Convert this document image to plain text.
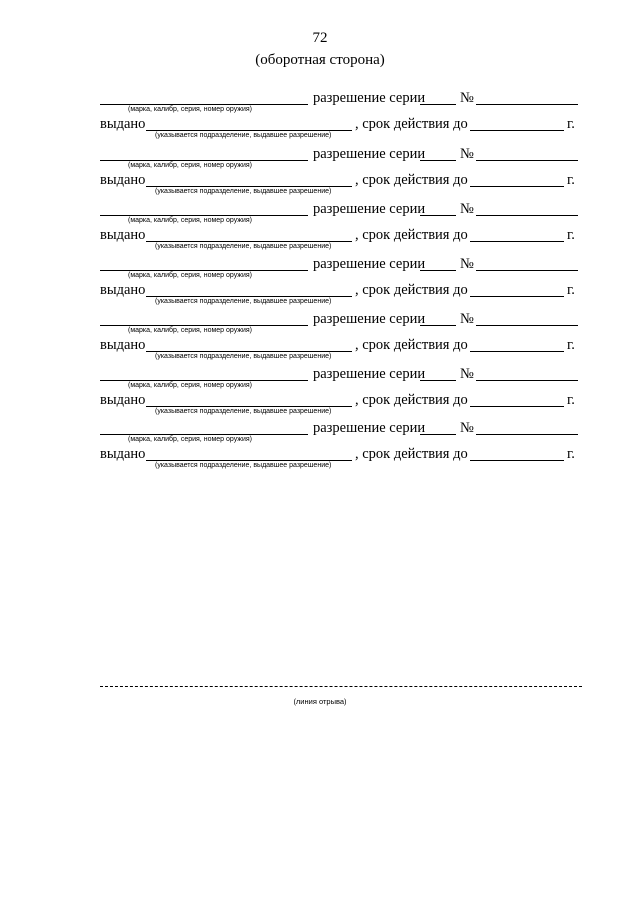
72
(оборотная сторона)
разрешение серии №
(марка, калибр, серия, номер оружия)
выдано	, срок действия до	г.
(указывается подразделение, выдавшее разрешение)
разрешение серии №
(марка, калибр, серия, номер оружия)
выдано	, срок действия до	г.
(указывается подразделение, выдавшее разрешение)
разрешение серии №
(марка, калибр, серия, номер оружия)
выдано	, срок действия до	г.
(указывается подразделение, выдавшее разрешение)
разрешение серии №
(марка, калибр, серия, номер оружия)
выдано	, срок действия до	г.
(указывается подразделение, выдавшее разрешение)
разрешение серии №
(марка, калибр, серия, номер оружия)
выдано	, срок действия до	г.
(указывается подразделение, выдавшее разрешение)
разрешение серии №
(марка, калибр, серия, номер оружия)
выдано	, срок действия до	г.
(указывается подразделение, выдавшее разрешение)
разрешение серии №
(марка, калибр, серия, номер оружия)
выдано	, срок действия до	г.
(указывается подразделение, выдавшее разрешение)
(линия отрыва)
